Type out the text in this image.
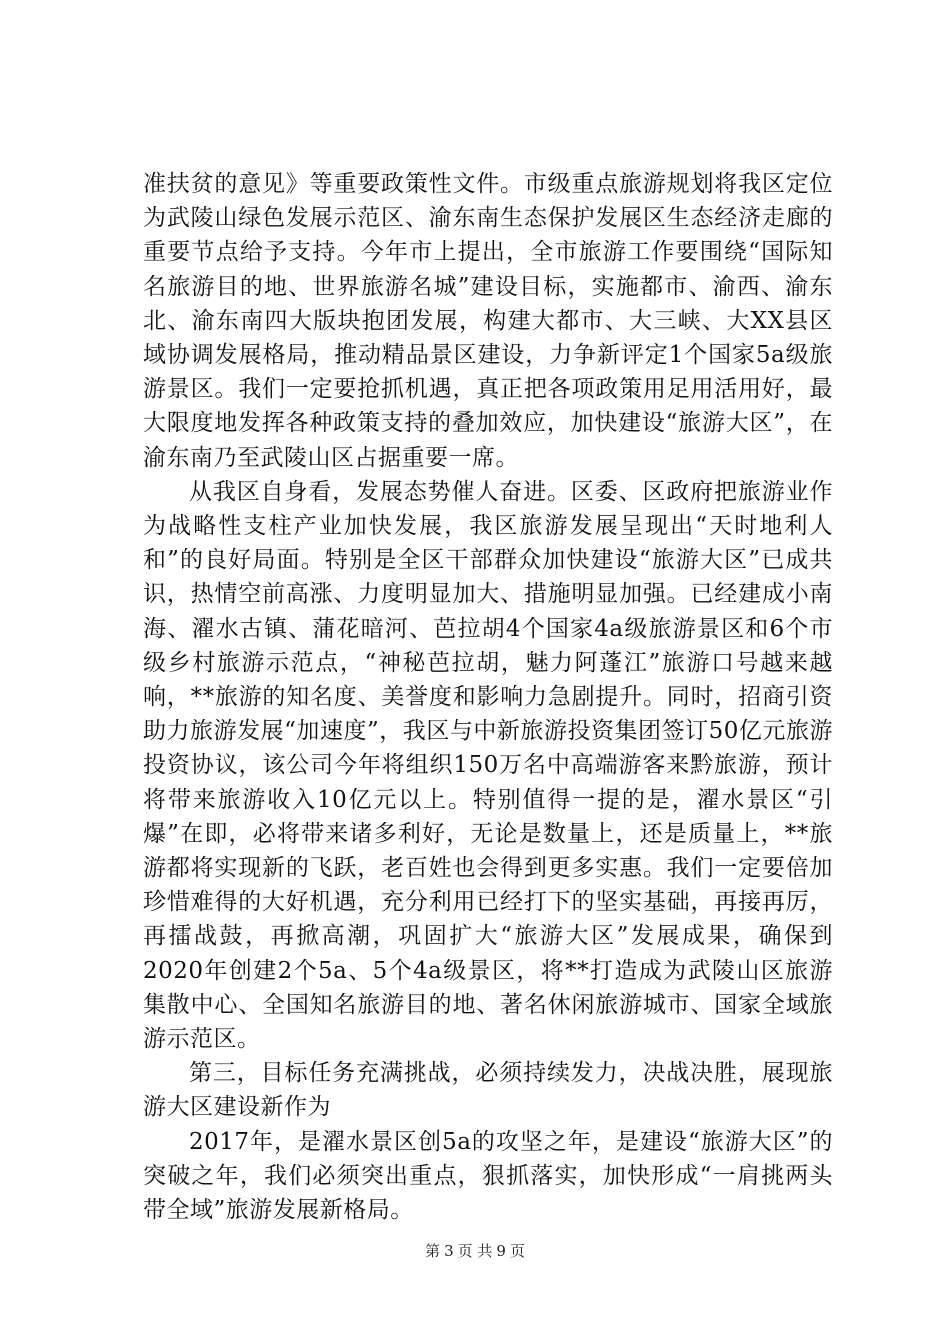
准扶贫的意见》等重要政策性文件。市级重点旅游规划将我区定位为武陵山绿色发展示范区、渝东南生态保护发展区生态经济走廊的重要节点给予支持。今年市上提出，全市旅游工作要围绕“国际知名旅游目的地、世界旅游名城”建设目标，实施都市、渝西、渝东北、渝东南四大版块抱团发展，构建大都市、大三峡、大XX县区域协调发展格局，推动精品景区建设，力争新评定1个国家5a级旅游景区。我们一定要抢抓机遇，真正把各项政策用足用活用好，最大限度地发挥各种政策支持的叠加效应，加快建设“旅游大区”，在渝东南乃至武陵山区占据重要一席。

从我区自身看，发展态势催人奋进。区委、区政府把旅游业作为战略性支柱产业加快发展，我区旅游发展呈现出“天时地利人和”的良好局面。特别是全区干部群众加快建设“旅游大区”已成共识，热情空前高涨、力度明显加大、措施明显加强。已经建成小南海、濯水古镇、蒲花暗河、芭拉胡4个国家4a级旅游景区和6个市级乡村旅游示范点，“神秘芭拉胡，魅力阿蓬江”旅游口号越来越响，**旅游的知名度、美誉度和影响力急剧提升。同时，招商引资助力旅游发展“加速度”，我区与中新旅游投资集团签订50亿元旅游投资协议，该公司今年将组织150万名中高端游客来黔旅游，预计将带来旅游收入10亿元以上。特别值得一提的是，濯水景区“引爆”在即，必将带来诸多利好，无论是数量上，还是质量上，**旅游都将实现新的飞跃，老百姓也会得到更多实惠。我们一定要倍加珍惜难得的大好机遇，充分利用已经打下的坚实基础，再接再厉，再擂战鼓，再掀高潮，巩固扩大“旅游大区”发展成果，确保到2020年创建2个5a、5个4a级景区，将**打造成为武陵山区旅游集散中心、全国知名旅游目的地、著名休闲旅游城市、国家全域旅游示范区。

第三，目标任务充满挑战，必须持续发力，决战决胜，展现旅游大区建设新作为

2017年，是濯水景区创5a的攻坚之年，是建设“旅游大区”的突破之年，我们必须突出重点，狠抓落实，加快形成“一肩挑两头带全域”旅游发展新格局。

第 3 页 共 9 页
